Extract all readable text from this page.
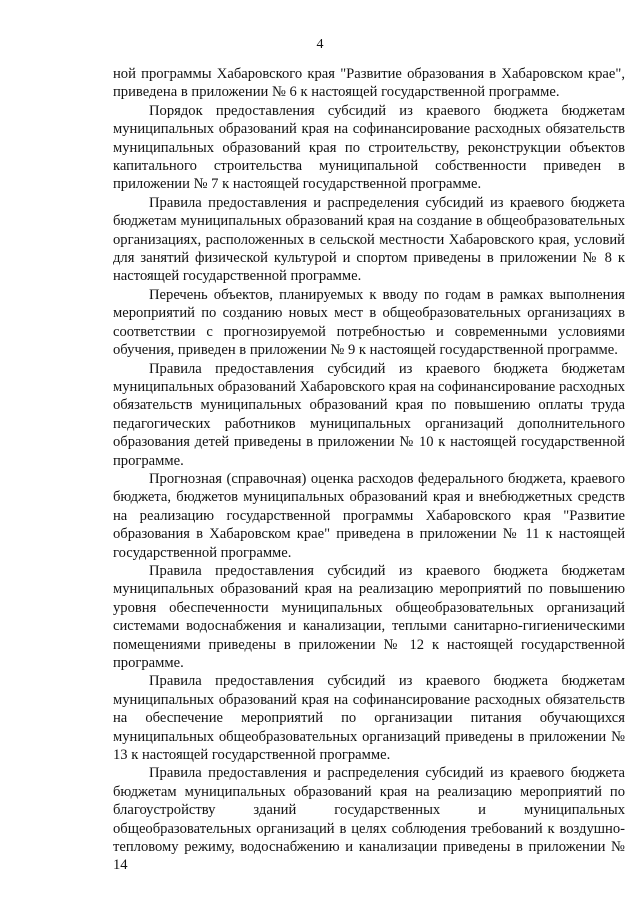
4

ной программы Хабаровского края "Развитие образования в Хабаровском крае", приведена в приложении № 6 к настоящей государственной программе.

Порядок предоставления субсидий из краевого бюджета бюджетам муниципальных образований края на софинансирование расходных обязательств муниципальных образований края по строительству, реконструкции объектов капитального строительства муниципальной собственности приведен в приложении № 7 к настоящей государственной программе.

Правила предоставления и распределения субсидий из краевого бюджета бюджетам муниципальных образований края на создание в общеобразовательных организациях, расположенных в сельской местности Хабаровского края, условий для занятий физической культурой и спортом приведены в приложении № 8 к настоящей государственной программе.

Перечень объектов, планируемых к вводу по годам в рамках выполнения мероприятий по созданию новых мест в общеобразовательных организациях в соответствии с прогнозируемой потребностью и современными условиями обучения, приведен в приложении № 9 к настоящей государственной программе.

Правила предоставления субсидий из краевого бюджета бюджетам муниципальных образований Хабаровского края на софинансирование расходных обязательств муниципальных образований края по повышению оплаты труда педагогических работников муниципальных организаций дополнительного образования детей приведены в приложении № 10 к настоящей государственной программе.

Прогнозная (справочная) оценка расходов федерального бюджета, краевого бюджета, бюджетов муниципальных образований края и внебюджетных средств на реализацию государственной программы Хабаровского края "Развитие образования в Хабаровском крае" приведена в приложении № 11 к настоящей государственной программе.

Правила предоставления субсидий из краевого бюджета бюджетам муниципальных образований края на реализацию мероприятий по повышению уровня обеспеченности муниципальных общеобразовательных организаций системами водоснабжения и канализации, теплыми санитарно-гигиеническими помещениями приведены в приложении № 12 к настоящей государственной программе.

Правила предоставления субсидий из краевого бюджета бюджетам муниципальных образований края на софинансирование расходных обязательств на обеспечение мероприятий по организации питания обучающихся муниципальных общеобразовательных организаций приведены в приложении № 13 к настоящей государственной программе.

Правила предоставления и распределения субсидий из краевого бюджета бюджетам муниципальных образований края на реализацию мероприятий по благоустройству зданий государственных и муниципальных общеобразовательных организаций в целях соблюдения требований к воздушно-тепловому режиму, водоснабжению и канализации приведены в приложении № 14
